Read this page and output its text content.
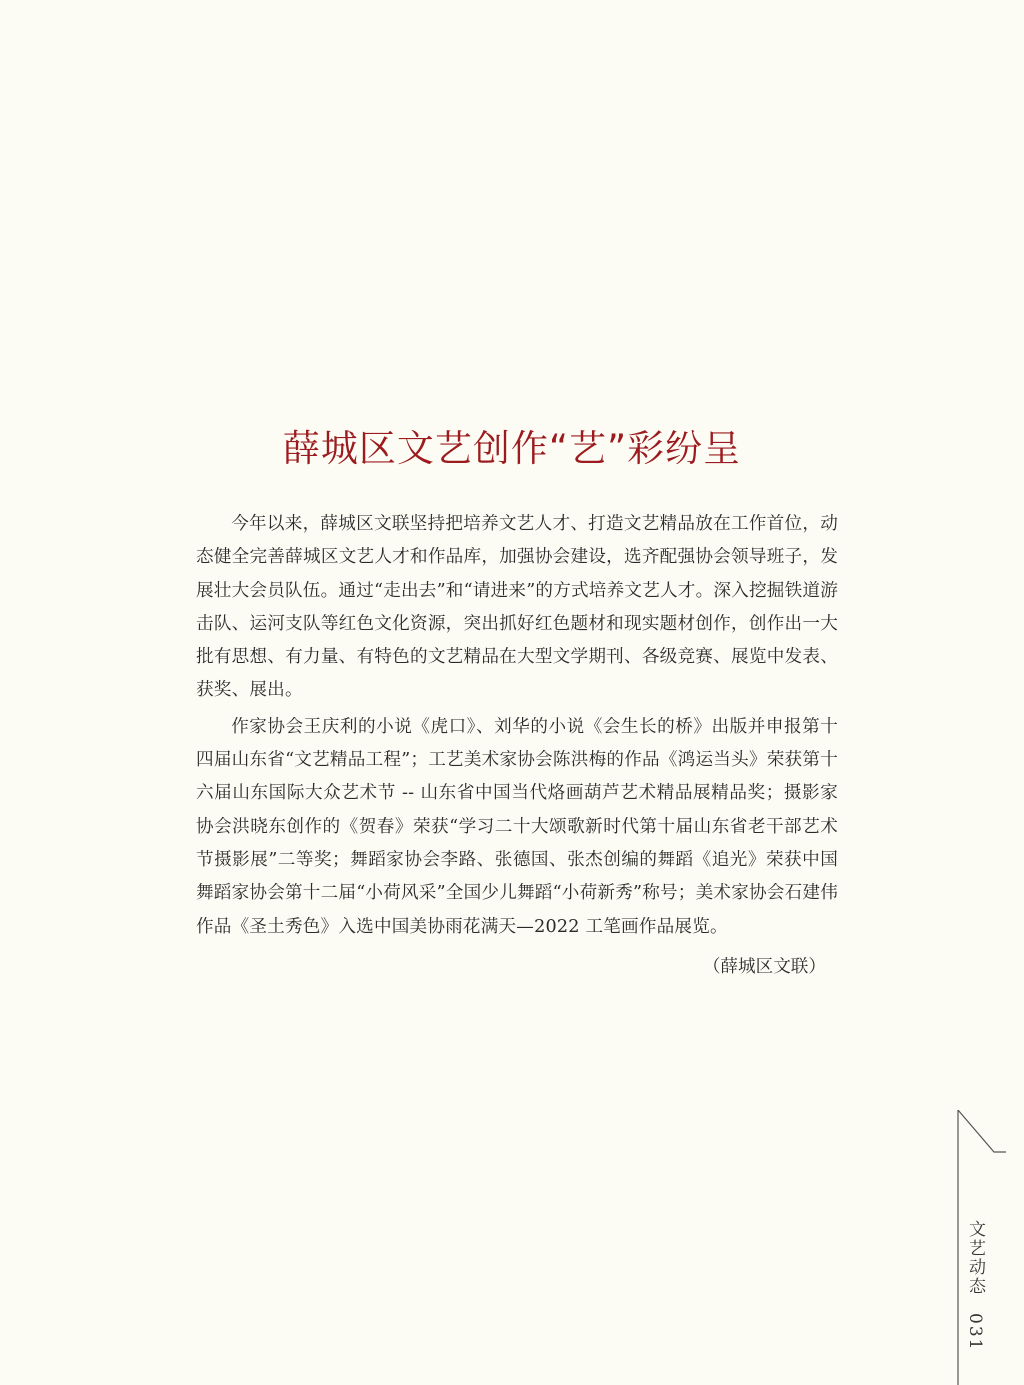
薛城区文艺创作“艺”彩纷呈

今年以来，薛城区文联坚持把培养文艺人才、打造文艺精品放在工作首位，动态健全完善薛城区文艺人才和作品库，加强协会建设，选齐配强协会领导班子，发展壮大会员队伍。通过“走出去”和“请进来”的方式培养文艺人才。深入挖掘铁道游击队、运河支队等红色文化资源，突出抓好红色题材和现实题材创作，创作出一大批有思想、有力量、有特色的文艺精品在大型文学期刊、各级竞赛、展览中发表、获奖、展出。

作家协会王庆利的小说《虎口》、刘华的小说《会生长的桥》出版并申报第十四届山东省“文艺精品工程”；工艺美术家协会陈洪梅的作品《鸿运当头》荣获第十六届山东国际大众艺术节 -- 山东省中国当代烙画葫芦艺术精品展精品奖；摄影家协会洪晓东创作的《贺春》荣获“学习二十大颂歌新时代第十届山东省老干部艺术节摄影展”二等奖；舞蹈家协会李路、张德国、张杰创编的舞蹈《追光》荣获中国舞蹈家协会第十二届“小荷风采”全国少儿舞蹈“小荷新秀”称号；美术家协会石建伟作品《圣土秀色》入选中国美协雨花满天—2022 工笔画作品展览。

（薛城区文联）
文艺动态
031
